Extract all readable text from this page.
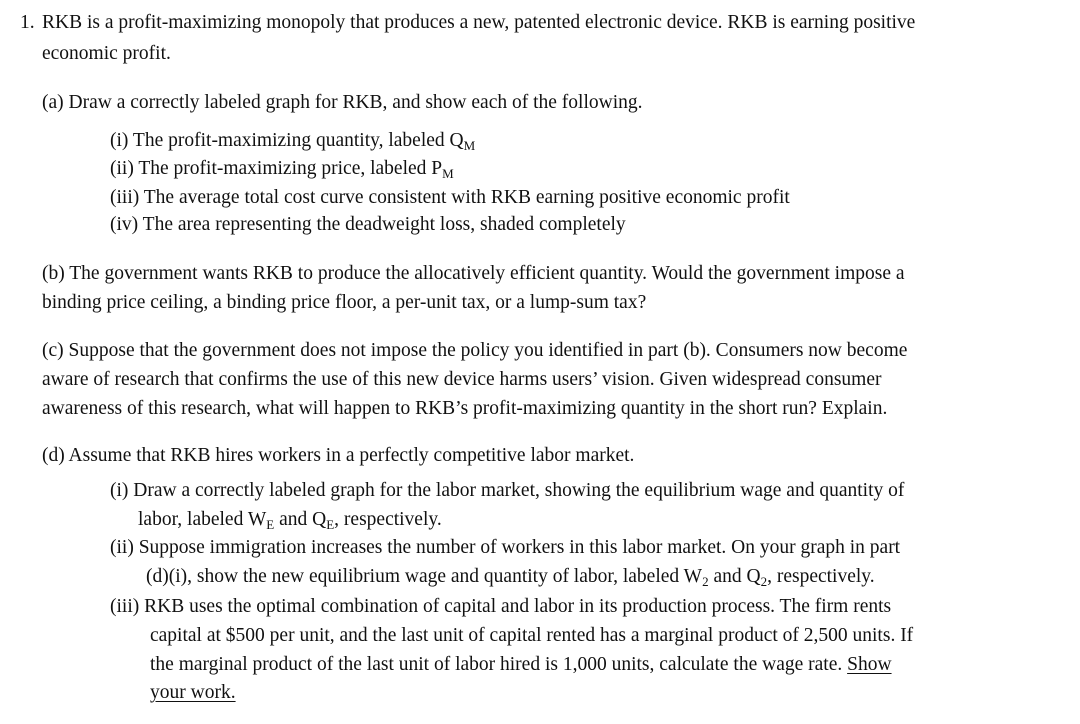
1. RKB is a profit-maximizing monopoly that produces a new, patented electronic device. RKB is earning positive
economic profit.
(a) Draw a correctly labeled graph for RKB, and show each of the following.
(i) The profit-maximizing quantity, labeled $Q_M$
(ii) The profit-maximizing price, labeled $P_M$
(iii) The average total cost curve consistent with RKB earning positive economic profit
(iv) The area representing the deadweight loss, shaded completely
(b) The government wants RKB to produce the allocatively efficient quantity. Would the government impose a
binding price ceiling, a binding price floor, a per-unit tax, or a lump-sum tax?
(c) Suppose that the government does not impose the policy you identified in part (b). Consumers now become
aware of research that confirms the use of this new device harms users’ vision. Given widespread consumer
awareness of this research, what will happen to RKB’s profit-maximizing quantity in the short run? Explain.
(d) Assume that RKB hires workers in a perfectly competitive labor market.
(i) Draw a correctly labeled graph for the labor market, showing the equilibrium wage and quantity of
labor, labeled $W_E$ and $Q_E$, respectively.
(ii) Suppose immigration increases the number of workers in this labor market. On your graph in part
(d)(i), show the new equilibrium wage and quantity of labor, labeled $W_2$ and $Q_2$, respectively.
(iii) RKB uses the optimal combination of capital and labor in its production process. The firm rents
capital at $500 per unit, and the last unit of capital rented has a marginal product of 2,500 units. If
the marginal product of the last unit of labor hired is 1,000 units, calculate the wage rate. Show
your work.
